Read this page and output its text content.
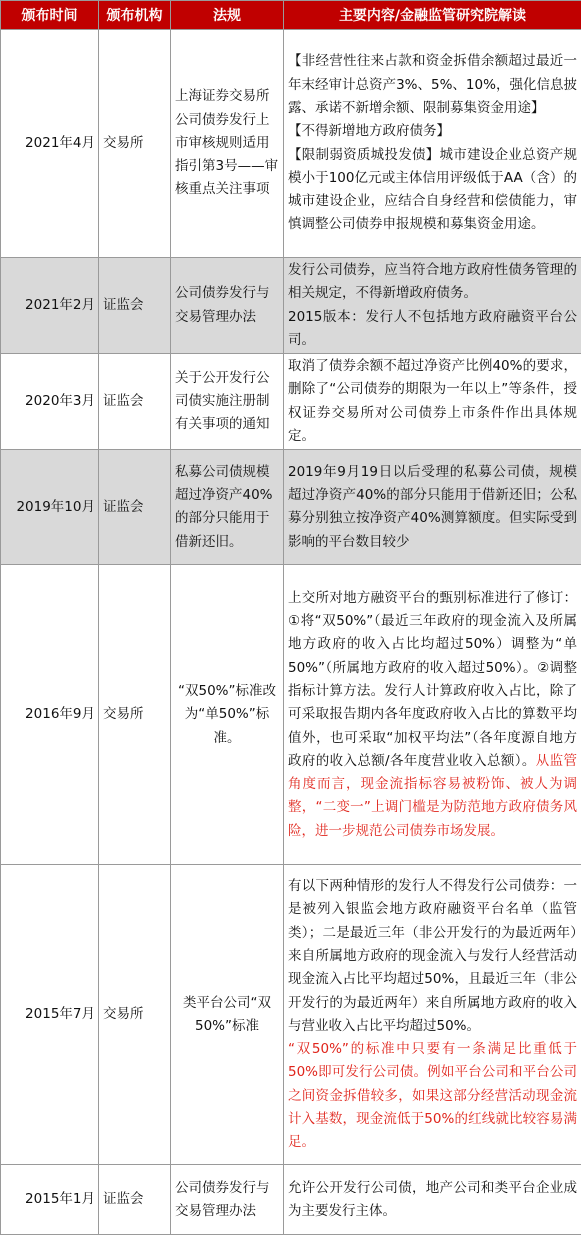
颁布时间	颁布机构	法规	主要内容/金融监管研究院解读
2021年4月	交易所	上海证券交易所公司债券发行上市审核规则适用指引第3号——审核重点关注事项	【非经营性往来占款和资金拆借余额超过最近一年末经审计总资产3%、5%、10%，强化信息披露、承诺不新增余额、限制募集资金用途】
【不得新增地方政府债务】
【限制弱资质城投发债】城市建设企业总资产规模小于100亿元或主体信用评级低于AA（含）的城市建设企业，应结合自身经营和偿债能力，审慎调整公司债券申报规模和募集资金用途。

2021年2月	证监会	公司债券发行与交易管理办法	发行公司债券，应当符合地方政府性债务管理的相关规定，不得新增政府债务。
2015版本：发行人不包括地方政府融资平台公司。

2020年3月	证监会	关于公开发行公司债实施注册制有关事项的通知	取消了债券余额不超过净资产比例40%的要求，删除了“公司债券的期限为一年以上”等条件，授权证券交易所对公司债券上市条件作出具体规定。

2019年10月	证监会	私募公司债规模超过净资产40%的部分只能用于借新还旧。	2019年9月19日以后受理的私募公司债，规模超过净资产40%的部分只能用于借新还旧；公私募分别独立按净资产40%测算额度。但实际受到影响的平台数目较少

2016年9月	交易所	“双50%”标准改为“单50%”标准。	上交所对地方融资平台的甄别标准进行了修订：①将“双50%”（最近三年政府的现金流入及所属地方政府的收入占比均超过50%）调整为“单50%”（所属地方政府的收入超过50%）。②调整指标计算方法。发行人计算政府收入占比，除了可采取报告期内各年度政府收入占比的算数平均值外，也可采取“加权平均法”（各年度源自地方政府的收入总额/各年度营业收入总额）。从监管角度而言，现金流指标容易被粉饰、被人为调整，“二变一”上调门槛是为防范地方政府债务风险，进一步规范公司债券市场发展。
2015年7月	交易所	类平台公司“双50%”标准	有以下两种情形的发行人不得发行公司债券：一是被列入银监会地方政府融资平台名单（监管类）；二是最近三年（非公开发行的为最近两年）来自所属地方政府的现金流入与发行人经营活动现金流入占比平均超过50%，且最近三年（非公开发行的为最近两年）来自所属地方政府的收入与营业收入占比平均超过50%。
“双50%”的标准中只要有一条满足比重低于50%即可发行公司债。例如平台公司和平台公司之间资金拆借较多，如果这部分经营活动现金流计入基数，现金流低于50%的红线就比较容易满足。

2015年1月	证监会	公司债券发行与交易管理办法	允许公开发行公司债，地产公司和类平台企业成为主要发行主体。
